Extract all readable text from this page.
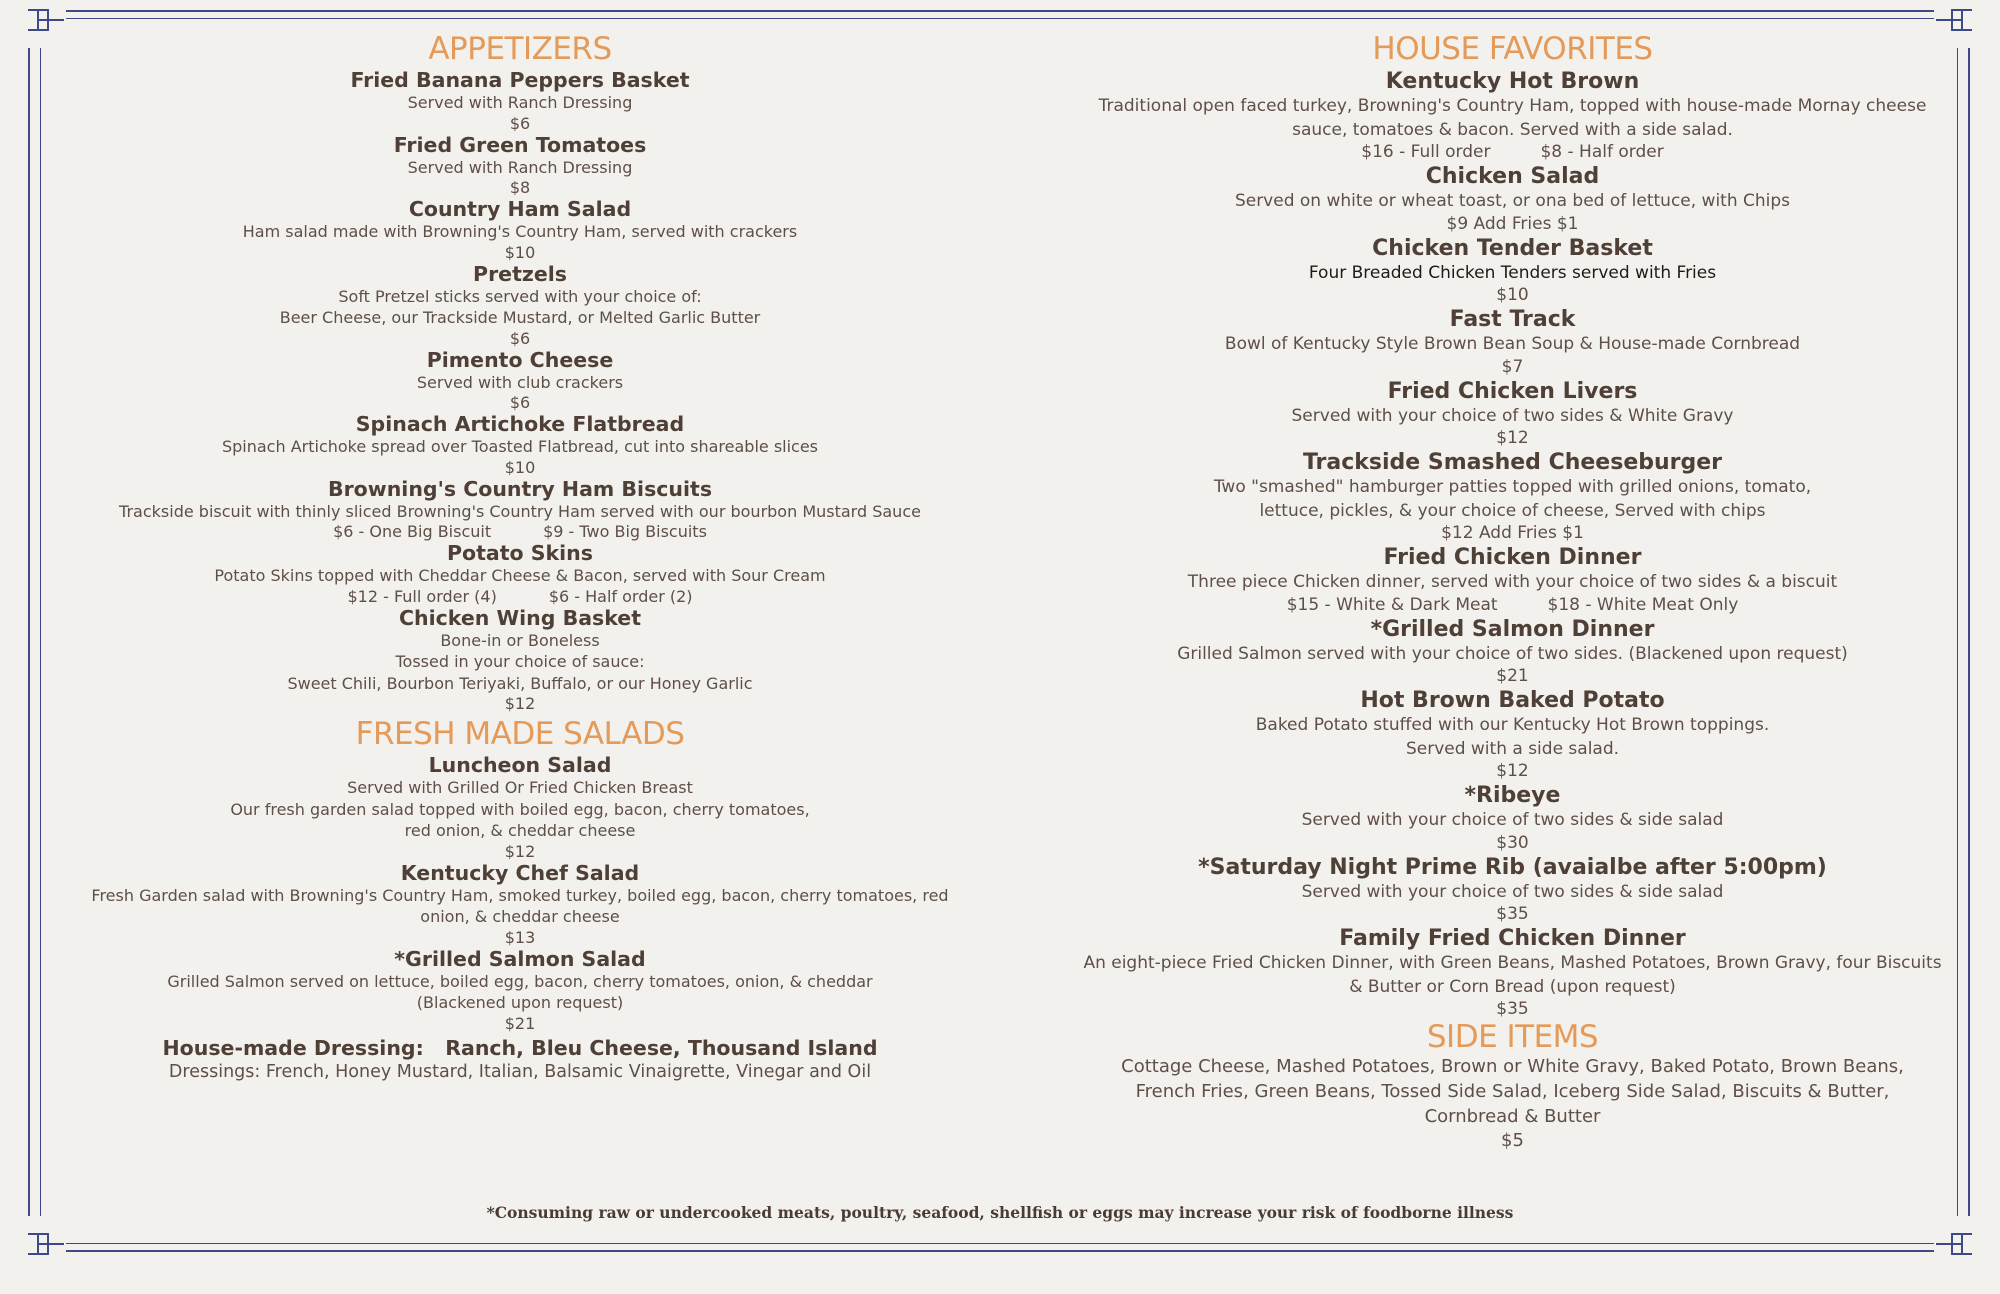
APPETIZERS
Fried Banana Peppers Basket
Served with Ranch Dressing
$6
Fried Green Tomatoes
Served with Ranch Dressing
$8
Country Ham Salad
Ham salad made with Browning's Country Ham, served with crackers
$10
Pretzels
Soft Pretzel sticks served with your choice of:
Beer Cheese, our Trackside Mustard, or Melted Garlic Butter
$6
Pimento Cheese
Served with club crackers
$6
Spinach Artichoke Flatbread
Spinach Artichoke spread over Toasted Flatbread, cut into shareable slices
$10
Browning's Country Ham Biscuits
Trackside biscuit with thinly sliced Browning's Country Ham served with our bourbon Mustard Sauce
$6 - One Big Biscuit	$9 - Two Big Biscuits
Potato Skins
Potato Skins topped with Cheddar Cheese & Bacon, served with Sour Cream
$12 - Full order (4)	$6 - Half order (2)
Chicken Wing Basket
Bone-in or Boneless
Tossed in your choice of sauce:
Sweet Chili, Bourbon Teriyaki, Buffalo, or our Honey Garlic
$12
FRESH MADE SALADS
Luncheon Salad
Served with Grilled Or Fried Chicken Breast
Our fresh garden salad topped with boiled egg, bacon, cherry tomatoes,
red onion, & cheddar cheese
$12
Kentucky Chef Salad
Fresh Garden salad with Browning's Country Ham, smoked turkey, boiled egg, bacon, cherry tomatoes, red
onion, & cheddar cheese
$13
*Grilled Salmon Salad
Grilled Salmon served on lettuce, boiled egg, bacon, cherry tomatoes, onion, & cheddar
(Blackened upon request)
$21
House-made Dressing:   Ranch, Bleu Cheese, Thousand Island
Dressings: French, Honey Mustard, Italian, Balsamic Vinaigrette, Vinegar and Oil
HOUSE FAVORITES
Kentucky Hot Brown
Traditional open faced turkey, Browning's Country Ham, topped with house-made Mornay cheese
sauce, tomatoes & bacon. Served with a side salad.
$16 - Full order	$8 - Half order
Chicken Salad
Served on white or wheat toast, or ona bed of lettuce, with Chips
$9 Add Fries $1
Chicken Tender Basket
Four Breaded Chicken Tenders served with Fries
$10
Fast Track
Bowl of Kentucky Style Brown Bean Soup & House-made Cornbread
$7
Fried Chicken Livers
Served with your choice of two sides & White Gravy
$12
Trackside Smashed Cheeseburger
Two "smashed" hamburger patties topped with grilled onions, tomato,
lettuce, pickles, & your choice of cheese, Served with chips
$12 Add Fries $1
Fried Chicken Dinner
Three piece Chicken dinner, served with your choice of two sides & a biscuit
$15 - White & Dark Meat	$18 - White Meat Only
*Grilled Salmon Dinner
Grilled Salmon served with your choice of two sides. (Blackened upon request)
$21
Hot Brown Baked Potato
Baked Potato stuffed with our Kentucky Hot Brown toppings.
Served with a side salad.
$12
*Ribeye
Served with your choice of two sides & side salad
$30
*Saturday Night Prime Rib (avaialbe after 5:00pm)
Served with your choice of two sides & side salad
$35
Family Fried Chicken Dinner
An eight-piece Fried Chicken Dinner, with Green Beans, Mashed Potatoes, Brown Gravy, four Biscuits
& Butter or Corn Bread (upon request)
$35
SIDE ITEMS
Cottage Cheese, Mashed Potatoes, Brown or White Gravy, Baked Potato, Brown Beans,
French Fries, Green Beans, Tossed Side Salad, Iceberg Side Salad, Biscuits & Butter,
Cornbread & Butter
$5
*Consuming raw or undercooked meats, poultry, seafood, shellfish or eggs may increase your risk of foodborne illness
